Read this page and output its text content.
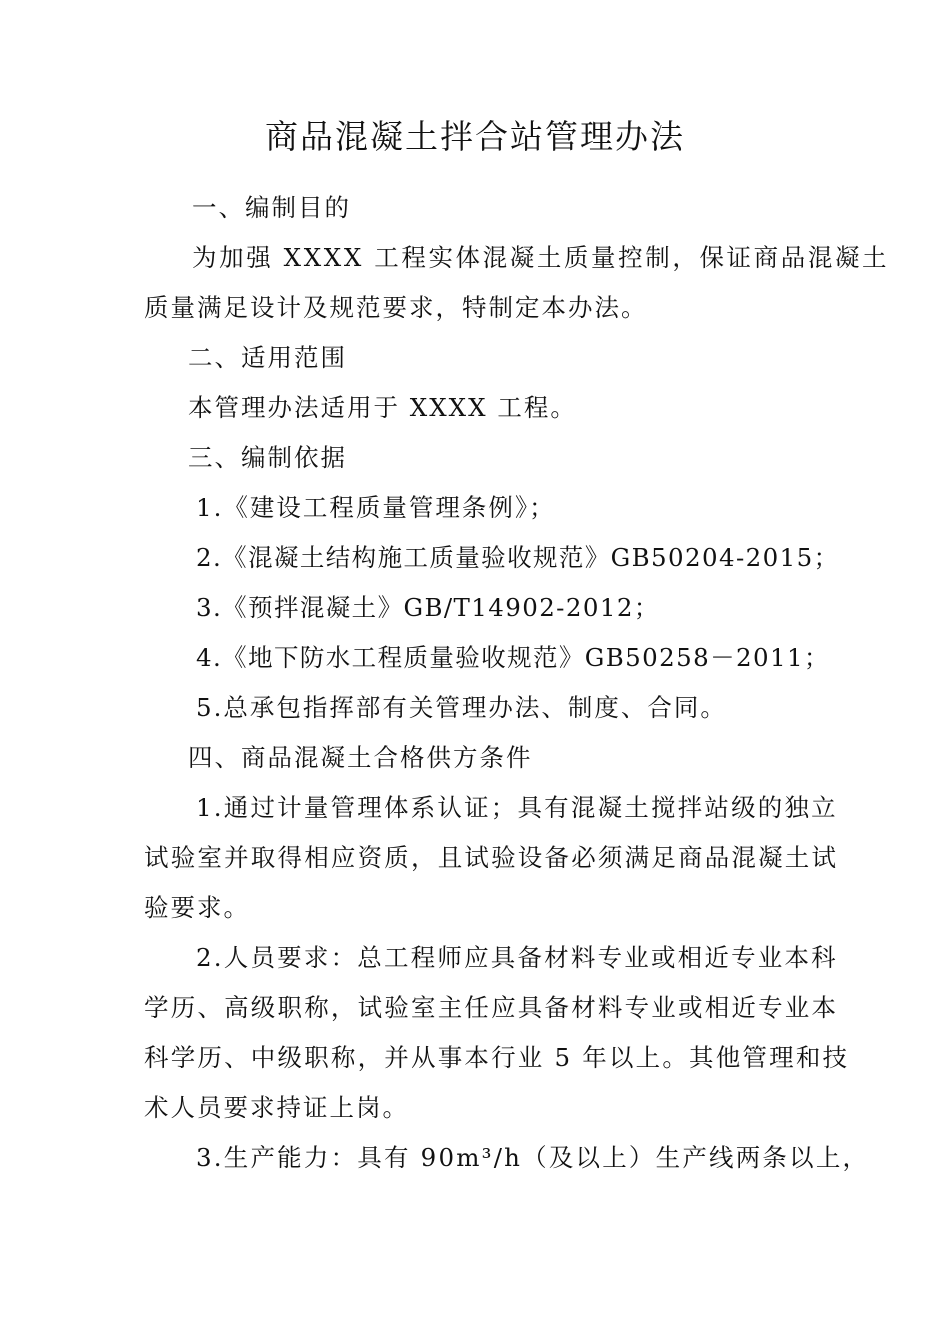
商品混凝土拌合站管理办法
一、编制目的
为加强 XXXX 工程实体混凝土质量控制，保证商品混凝土
质量满足设计及规范要求，特制定本办法。
二、适用范围
本管理办法适用于 XXXX 工程。
三、编制依据
1.《建设工程质量管理条例》；
2.《混凝土结构施工质量验收规范》GB50204-2015；
3.《预拌混凝土》GB/T14902-2012；
4.《地下防水工程质量验收规范》GB50258－2011；
5.总承包指挥部有关管理办法、制度、合同。
四、商品混凝土合格供方条件
1.通过计量管理体系认证；具有混凝土搅拌站级的独立
试验室并取得相应资质，且试验设备必须满足商品混凝土试
验要求。
2.人员要求：总工程师应具备材料专业或相近专业本科
学历、高级职称，试验室主任应具备材料专业或相近专业本
科学历、中级职称，并从事本行业 5 年以上。其他管理和技
术人员要求持证上岗。
3.生产能力：具有 90m³/h（及以上）生产线两条以上，
